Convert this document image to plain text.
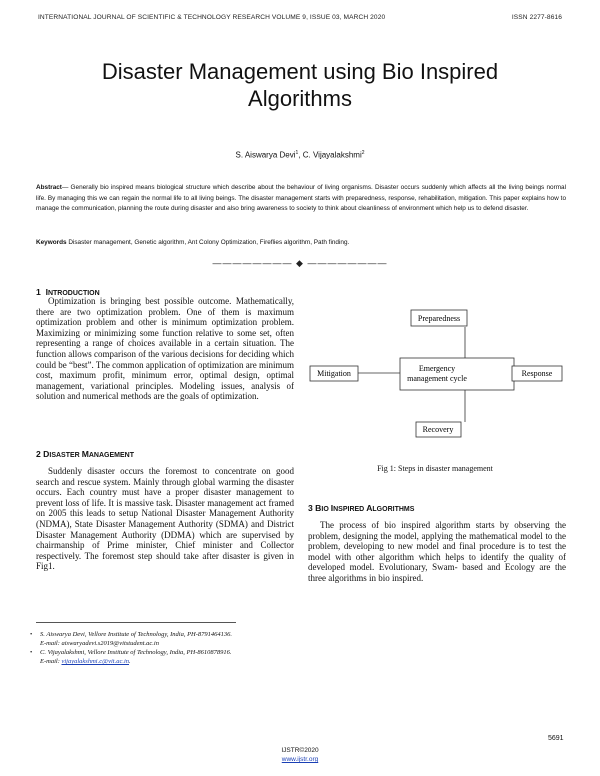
INTERNATIONAL JOURNAL OF SCIENTIFIC & TECHNOLOGY RESEARCH VOLUME 9, ISSUE 03, MARCH 2020	ISSN 2277-8616
Disaster Management using Bio Inspired
Algorithms
S. Aiswarya Devi$^1$, C. Vijayalakshmi$^2$
Abstract— Generally bio inspired means biological structure which describe about the behaviour of living organisms. Disaster occurs suddenly which affects all the living beings normal life. By managing this we can regain the normal life to all living beings. The disaster management starts with preparedness, response, rehabilitation, mitigation. This paper explains how to manage the communication, planning the route during disaster and also bring awareness to society to think about cleanliness of environment which help us to defend disaster.
Keywords Disaster management, Genetic algorithm, Ant Colony Optimization, Fireflies algorithm, Path finding.
———————— ◆ ————————
1 INTRODUCTION

Optimization is bringing best possible outcome. Mathematically, there are two optimization problem. One of them is maximum optimization problem and other is minimum optimization problem. Maximizing or minimizing some function relative to some set, often representing a range of choices available in a certain situation. The function allows comparison of the various decisions for deciding which could be “best”. The common application of optimization are minimum cost, maximum profit, minimum error, optimal design, optimal management, variational principles. Modeling issues, analysis of solution and numerical methods are the goals of optimization.

2 DISASTER MANAGEMENT

Suddenly disaster occurs the foremost to concentrate on good search and rescue system. Mainly through global warming the disaster occurs. Each country must have a proper disaster management to prevent loss of life. It is massive task. Disaster management act framed on 2005 this leads to setup National Disaster Management Authority (NDMA), State Disaster Management Authority (SDMA) and District Disaster Management Authority (DDMA) which are supervised by chairmanship of Prime minister, Chief minister and Collector respectively. The foremost step should take after disaster is given in Fig1.

• S. Aiswarya Devi, Vellore Institute of Technology, India, PH-8791464136.
E-mail: aiswaryadevi.s2019@vitstudent.ac.in
• C. Vijayalakshmi, Vellore Institute of Technology, India, PH-8610878916.
E-mail: vijayalakshmi.c@vit.ac.in.
Preparedness
Emergency
management cycle
Mitigation	Response
Recovery
Fig 1: Steps in disaster management
3 BIO INSPIRED ALGORITHMS

The process of bio inspired algorithm starts by observing the problem, designing the model, applying the mathematical model to the problem, developing to new model and final procedure is to test the model with other algorithm which helps to identify the quality of developed model. Evolutionary, Swam- based and Ecology are the three algorithms in bio inspired.

5691
IJSTR©2020
www.ijstr.org
